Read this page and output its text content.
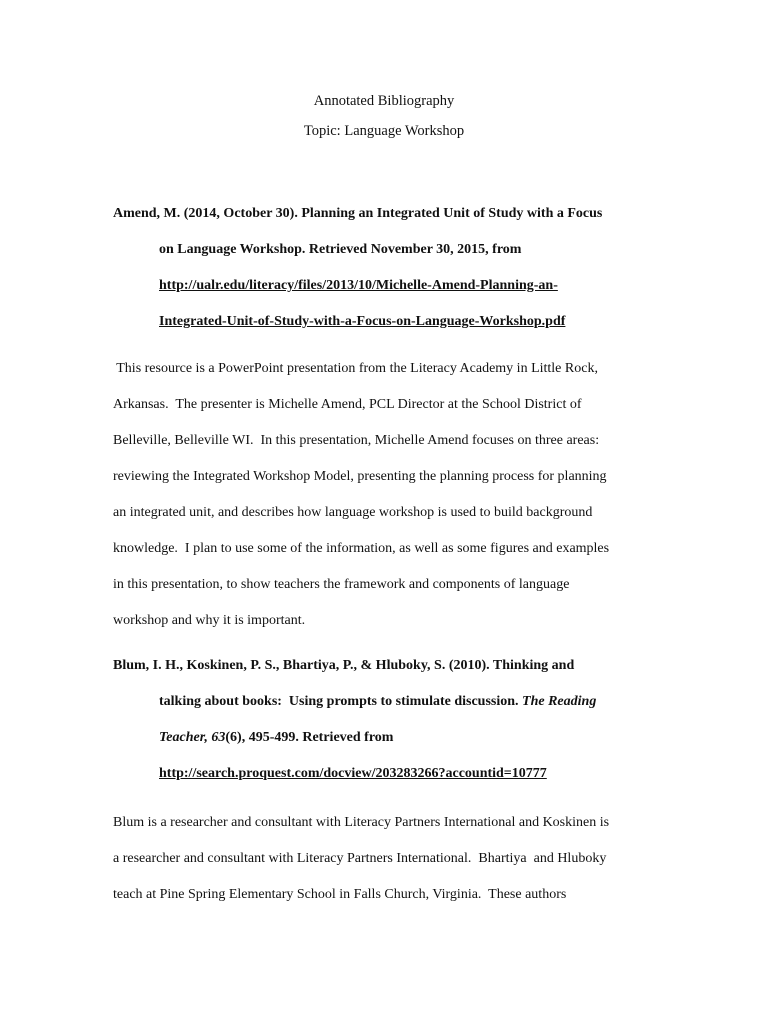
Annotated Bibliography
Topic: Language Workshop
Amend, M. (2014, October 30). Planning an Integrated Unit of Study with a Focus
on Language Workshop. Retrieved November 30, 2015, from
http://ualr.edu/literacy/files/2013/10/Michelle-Amend-Planning-an-
Integrated-Unit-of-Study-with-a-Focus-on-Language-Workshop.pdf
This resource is a PowerPoint presentation from the Literacy Academy in Little Rock,
Arkansas.  The presenter is Michelle Amend, PCL Director at the School District of
Belleville, Belleville WI.  In this presentation, Michelle Amend focuses on three areas:
reviewing the Integrated Workshop Model, presenting the planning process for planning
an integrated unit, and describes how language workshop is used to build background
knowledge.  I plan to use some of the information, as well as some figures and examples
in this presentation, to show teachers the framework and components of language
workshop and why it is important.
Blum, I. H., Koskinen, P. S., Bhartiya, P., & Hluboky, S. (2010). Thinking and
talking about books:  Using prompts to stimulate discussion. The Reading
Teacher, 63(6), 495-499. Retrieved from
http://search.proquest.com/docview/203283266?accountid=10777
Blum is a researcher and consultant with Literacy Partners International and Koskinen is
a researcher and consultant with Literacy Partners International.  Bhartiya  and Hluboky
teach at Pine Spring Elementary School in Falls Church, Virginia.  These authors
